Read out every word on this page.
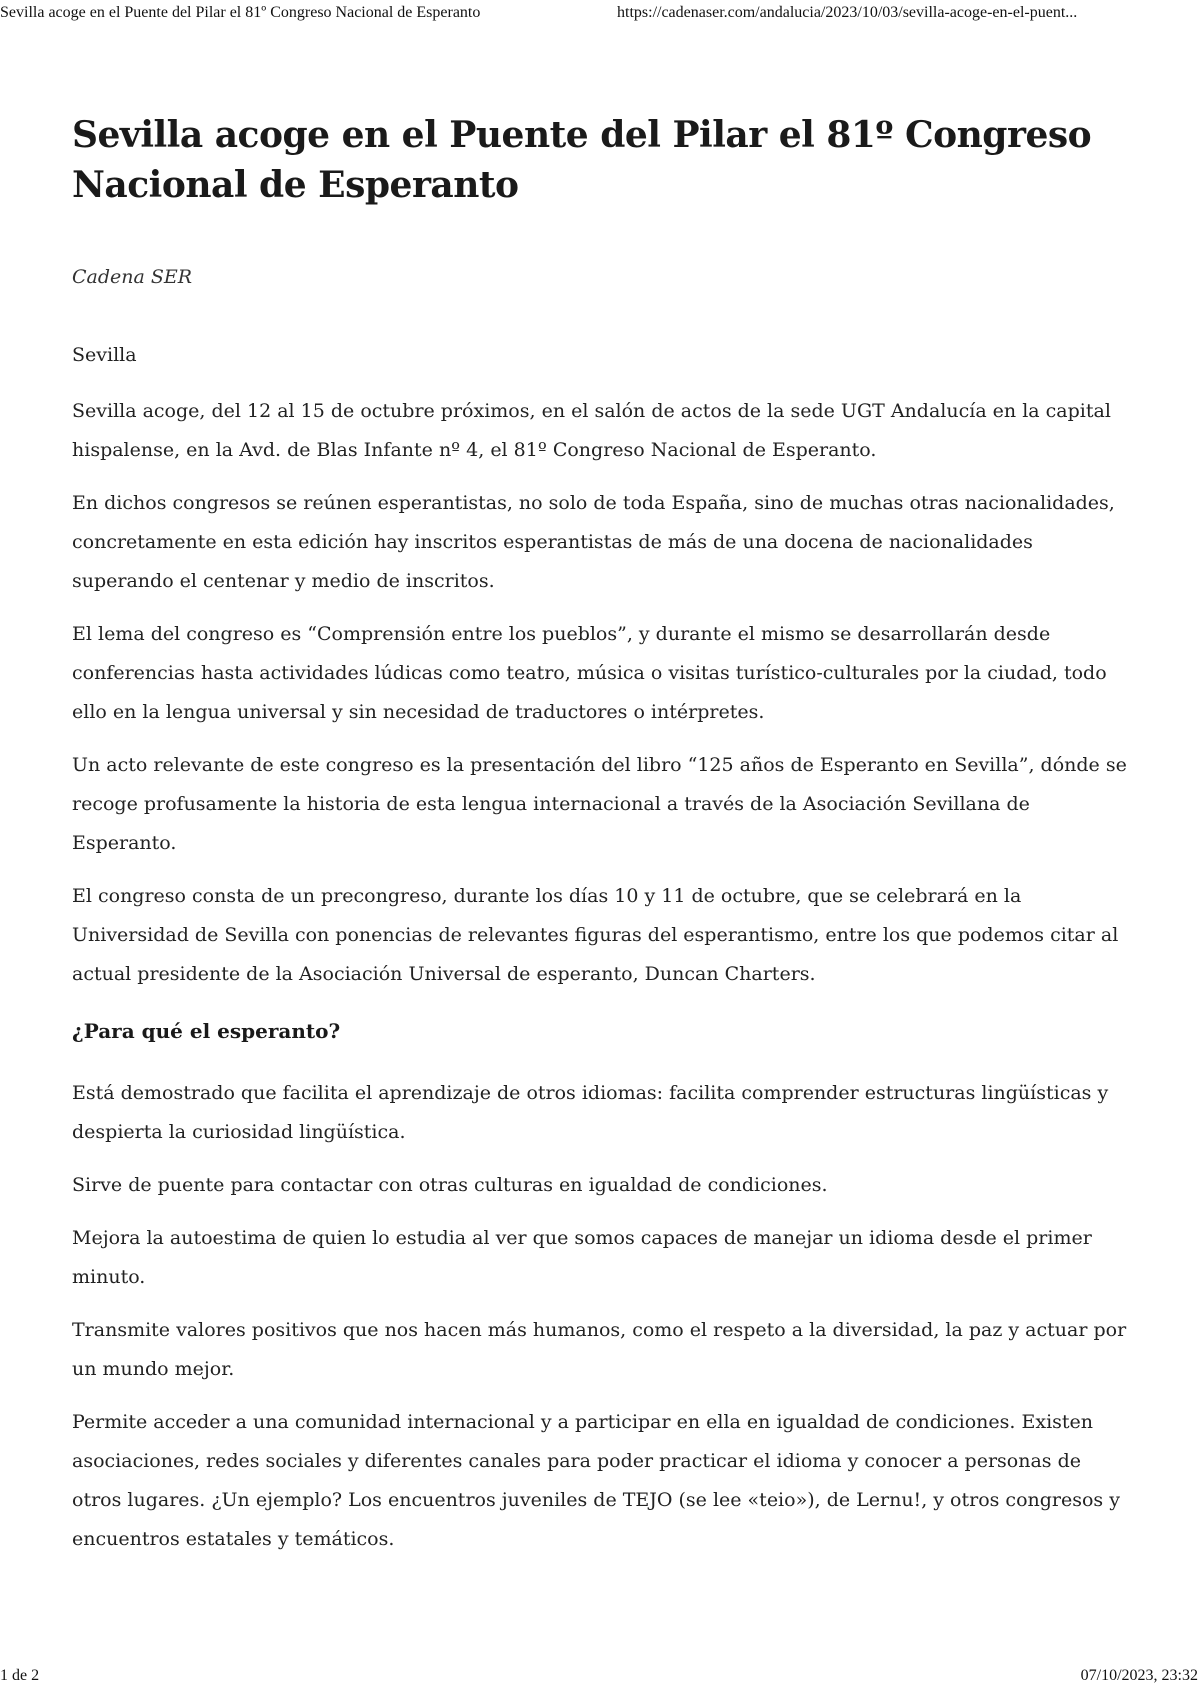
Sevilla acoge en el Puente del Pilar el 81º Congreso Nacional de Esperanto	https://cadenaser.com/andalucia/2023/10/03/sevilla-acoge-en-el-puent...
Sevilla acoge en el Puente del Pilar el 81º Congreso Nacional de Esperanto

Cadena SER

Sevilla

Sevilla acoge, del 12 al 15 de octubre próximos, en el salón de actos de la sede UGT Andalucía en la capital hispalense, en la Avd. de Blas Infante nº 4, el 81º Congreso Nacional de Esperanto.

En dichos congresos se reúnen esperantistas, no solo de toda España, sino de muchas otras nacionalidades, concretamente en esta edición hay inscritos esperantistas de más de una docena de nacionalidades superando el centenar y medio de inscritos.

El lema del congreso es “Comprensión entre los pueblos”, y durante el mismo se desarrollarán desde conferencias hasta actividades lúdicas como teatro, música o visitas turístico-culturales por la ciudad, todo ello en la lengua universal y sin necesidad de traductores o intérpretes.

Un acto relevante de este congreso es la presentación del libro “125 años de Esperanto en Sevilla”, dónde se recoge profusamente la historia de esta lengua internacional a través de la Asociación Sevillana de Esperanto.

El congreso consta de un precongreso, durante los días 10 y 11 de octubre, que se celebrará en la Universidad de Sevilla con ponencias de relevantes figuras del esperantismo, entre los que podemos citar al actual presidente de la Asociación Universal de esperanto, Duncan Charters.

¿Para qué el esperanto?

Está demostrado que facilita el aprendizaje de otros idiomas: facilita comprender estructuras lingüísticas y despierta la curiosidad lingüística.

Sirve de puente para contactar con otras culturas en igualdad de condiciones.

Mejora la autoestima de quien lo estudia al ver que somos capaces de manejar un idioma desde el primer minuto.

Transmite valores positivos que nos hacen más humanos, como el respeto a la diversidad, la paz y actuar por un mundo mejor.

Permite acceder a una comunidad internacional y a participar en ella en igualdad de condiciones. Existen asociaciones, redes sociales y diferentes canales para poder practicar el idioma y conocer a personas de otros lugares. ¿Un ejemplo? Los encuentros juveniles de TEJO (se lee «teio»), de Lernu!, y otros congresos y encuentros estatales y temáticos.

1 de 2	07/10/2023, 23:32
